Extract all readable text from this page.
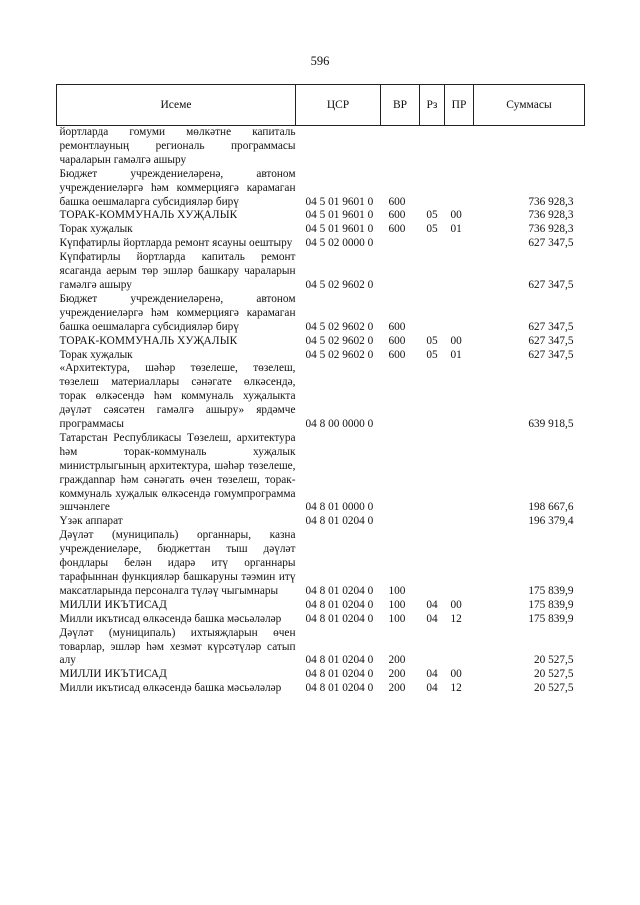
596
Исеме	ЦСР	ВР	Рз	ПР	Суммасы
йортларда гомуми мөлкәтне капиталь ремонтлауның региональ программасы чараларын гамәлгә ашыру					
Бюджет учреждениеләренә, автоном учреждениеләргә һәм коммерциягә карамаган башка оешмаларга субсидияләр бирү	04 5 01 9601 0	600			736 928,3
ТОРАК-КОММУНАЛЬ ХУҖАЛЫК	04 5 01 9601 0	600	05	00	736 928,3
Торак хуҗалык	04 5 01 9601 0	600	05	01	736 928,3
Күпфатирлы йортларда ремонт ясауны оештыру	04 5 02 0000 0				627 347,5
Күпфатирлы йортларда капиталь ремонт ясаганда аерым төр эшләр башкару чараларын гамәлгә ашыру	04 5 02 9602 0				627 347,5
Бюджет учреждениеләренә, автоном учреждениеләргә һәм коммерциягә карамаган башка оешмаларга субсидияләр бирү	04 5 02 9602 0	600			627 347,5
ТОРАК-КОММУНАЛЬ ХУҖАЛЫК	04 5 02 9602 0	600	05	00	627 347,5
Торак хуҗалык	04 5 02 9602 0	600	05	01	627 347,5
«Архитектура, шәһәр төзелеше, төзелеш, төзелеш материаллары сәнәгате өлкәсендә, торак өлкәсендә һәм коммуналь хуҗалыкта дәүләт сәясәтен гамәлгә ашыру» ярдәмче программасы	04 8 00 0000 0				639 918,5
Татарстан Республикасы Төзелеш, архитектура һәм торак-коммуналь хуҗалык министрлыгының архитектура, шәһәр төзелеше, граждannар һәм сәнәгать өчен төзелеш, торак-коммуналь хуҗалык өлкәсендә гомумпрограмма эшчәнлеге	04 8 01 0000 0				198 667,6
Үзәк аппарат	04 8 01 0204 0				196 379,4
Дәүләт (муниципаль) органнары, казна учреждениеләре, бюджеттан тыш дәүләт фондлары белән идарә итү органнары тарафыннан функцияләр башкаруны тәэмин итү максатларында персоналга түләү чыгымнары	04 8 01 0204 0	100			175 839,9
МИЛЛИ ИКЪТИСАД	04 8 01 0204 0	100	04	00	175 839,9
Милли икътисад өлкәсендә башка мәсьәләләр	04 8 01 0204 0	100	04	12	175 839,9
Дәүләт (муниципаль) ихтыяҗларын өчен товарлар, эшләр һәм хезмәт күрсәтүләр сатып алу	04 8 01 0204 0	200			20 527,5
МИЛЛИ ИКЪТИСАД	04 8 01 0204 0	200	04	00	20 527,5
Милли икътисад өлкәсендә башка мәсьәләләр	04 8 01 0204 0	200	04	12	20 527,5
